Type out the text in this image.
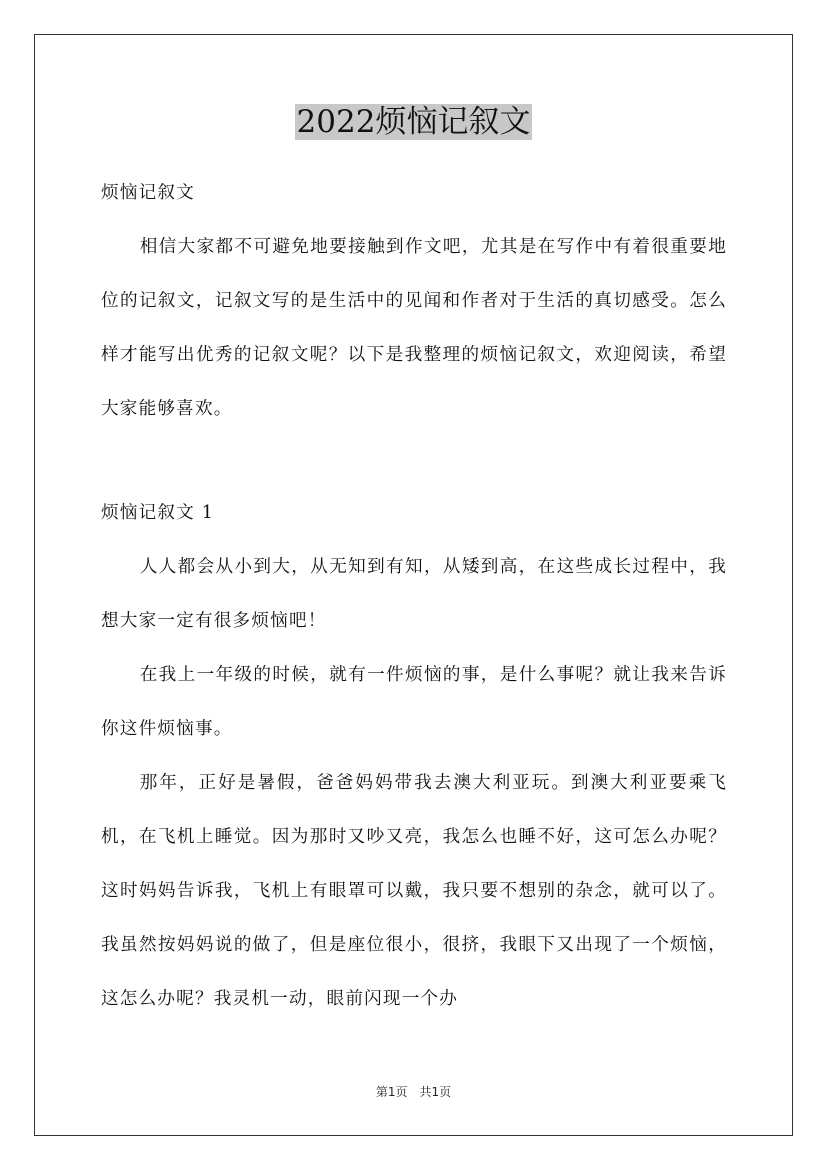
2022烦恼记叙文

烦恼记叙文

相信大家都不可避免地要接触到作文吧，尤其是在写作中有着很重要地位的记叙文，记叙文写的是生活中的见闻和作者对于生活的真切感受。怎么样才能写出优秀的记叙文呢？以下是我整理的烦恼记叙文，欢迎阅读，希望大家能够喜欢。

烦恼记叙文 1

人人都会从小到大，从无知到有知，从矮到高，在这些成长过程中，我想大家一定有很多烦恼吧！

在我上一年级的时候，就有一件烦恼的事，是什么事呢？就让我来告诉你这件烦恼事。

那年，正好是暑假，爸爸妈妈带我去澳大利亚玩。到澳大利亚要乘飞机，在飞机上睡觉。因为那时又吵又亮，我怎么也睡不好，这可怎么办呢？这时妈妈告诉我，飞机上有眼罩可以戴，我只要不想别的杂念，就可以了。我虽然按妈妈说的做了，但是座位很小，很挤，我眼下又出现了一个烦恼，这怎么办呢？我灵机一动，眼前闪现一个办

第1页　共1页
